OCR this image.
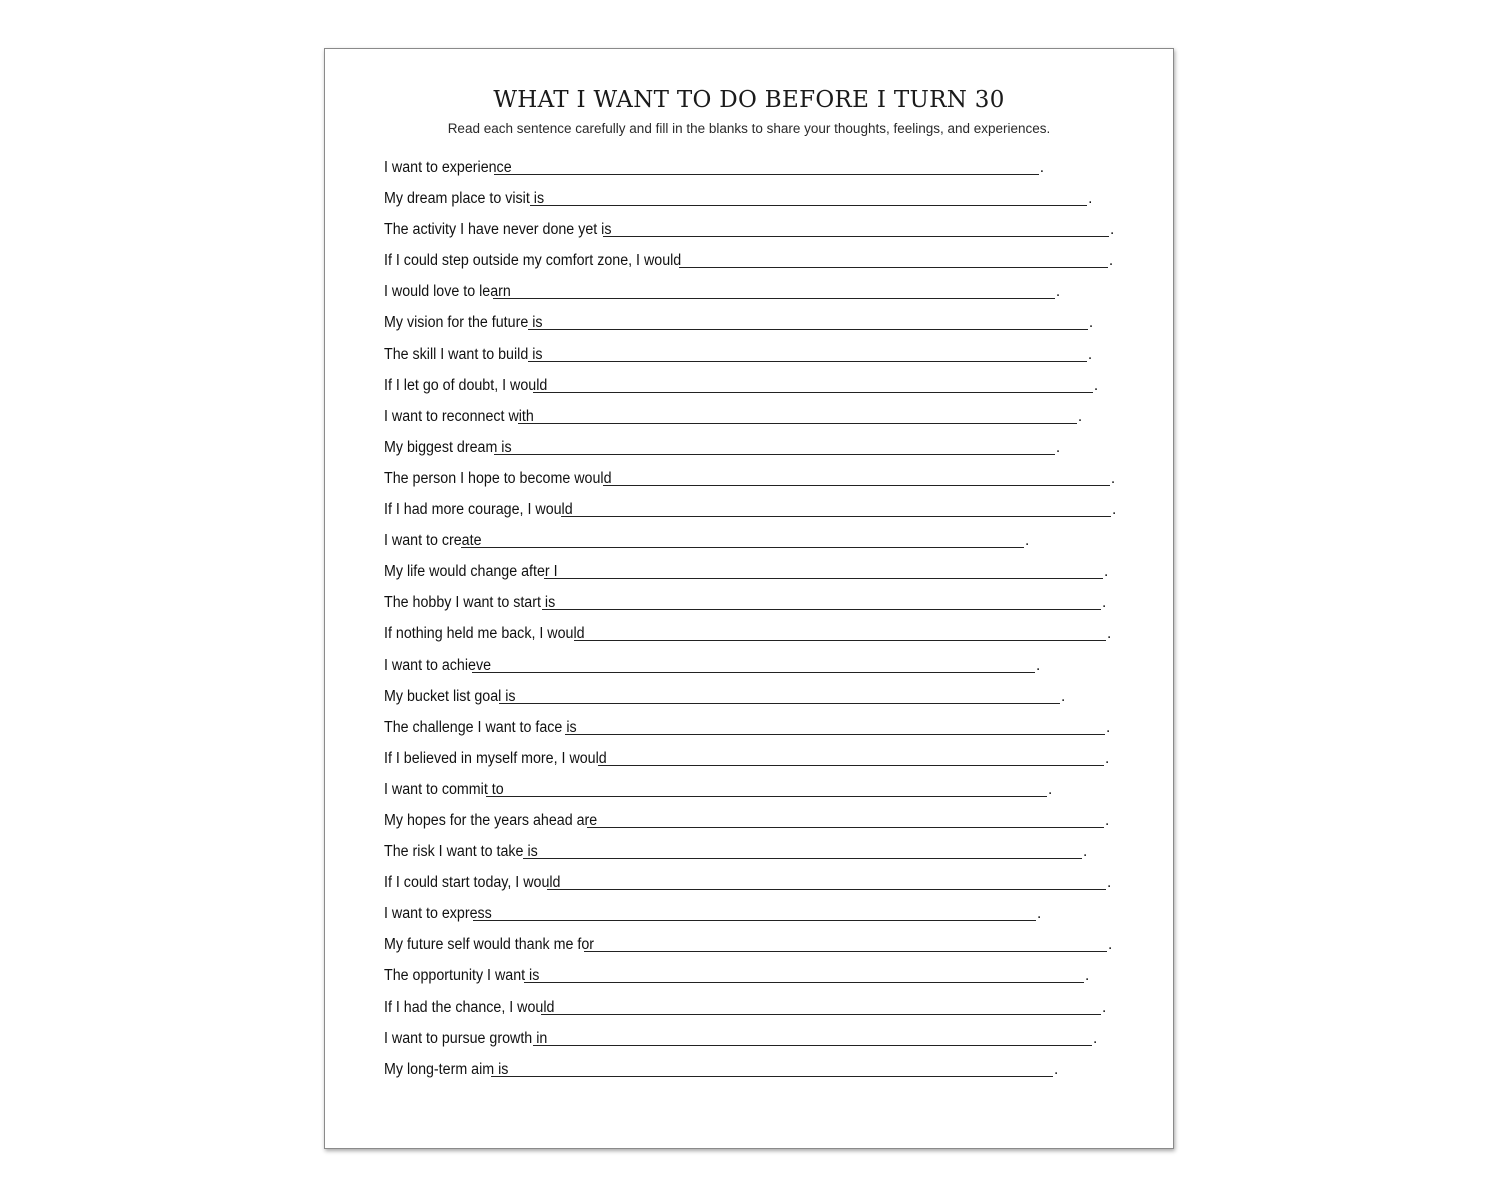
WHAT I WANT TO DO BEFORE I TURN 30
Read each sentence carefully and fill in the blanks to share your thoughts, feelings, and experiences.
I want to experience	.
My dream place to visit is	.
The activity I have never done yet is	.
If I could step outside my comfort zone, I would	.
I would love to learn	.
My vision for the future is	.
The skill I want to build is	.
If I let go of doubt, I would	.
I want to reconnect with	.
My biggest dream is	.
The person I hope to become would	.
If I had more courage, I would	.
I want to create	.
My life would change after I	.
The hobby I want to start is	.
If nothing held me back, I would	.
I want to achieve	.
My bucket list goal is	.
The challenge I want to face is	.
If I believed in myself more, I would	.
I want to commit to	.
My hopes for the years ahead are	.
The risk I want to take is	.
If I could start today, I would	.
I want to express	.
My future self would thank me for	.
The opportunity I want is	.
If I had the chance, I would	.
I want to pursue growth in	.
My long-term aim is	.
